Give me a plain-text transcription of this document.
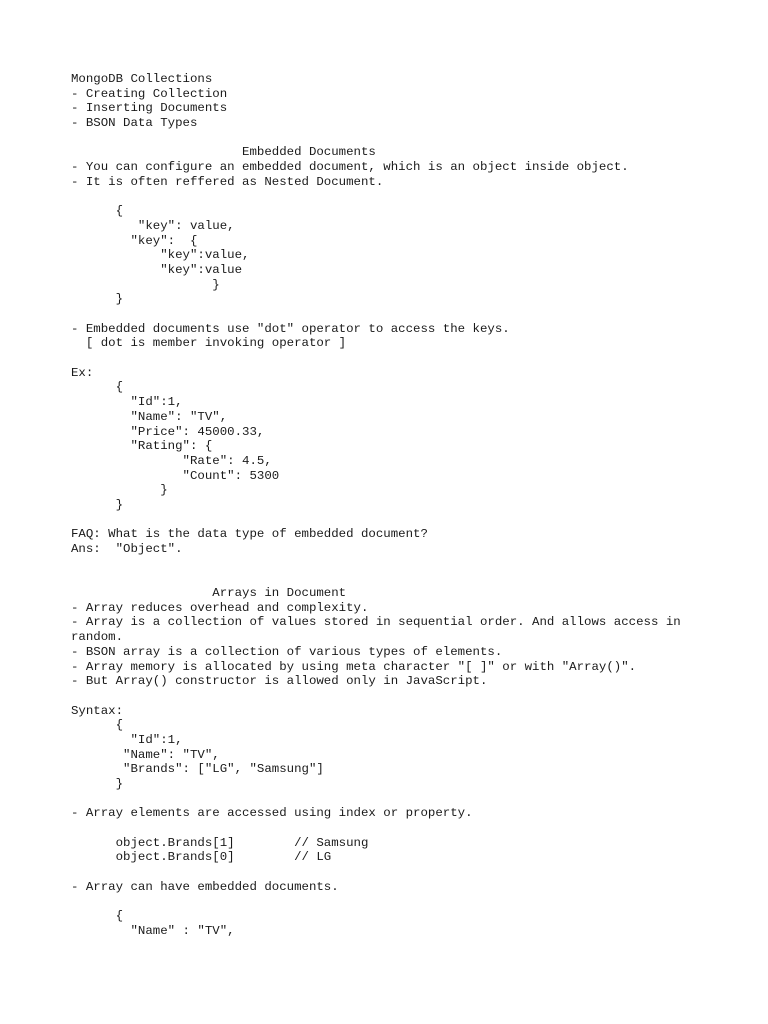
MongoDB Collections

- Creating Collection

- Inserting Documents

- BSON Data Types

Embedded Documents

- You can configure an embedded document, which is an object inside object.

- It is often reffered as Nested Document.

{

"key": value,

"key":  {

"key":value,

"key":value

}

}

- Embedded documents use "dot" operator to access the keys.

[ dot is member invoking operator ]

Ex:

{

"Id":1,

"Name": "TV",

"Price": 45000.33,

"Rating": {

"Rate": 4.5,

"Count": 5300

}

}

FAQ: What is the data type of embedded document?

Ans:  "Object".

Arrays in Document

- Array reduces overhead and complexity.

- Array is a collection of values stored in sequential order. And allows access in

random.

- BSON array is a collection of various types of elements.

- Array memory is allocated by using meta character "[ ]" or with "Array()".

- But Array() constructor is allowed only in JavaScript.

Syntax:

{

"Id":1,

"Name": "TV",

"Brands": ["LG", "Samsung"]

}

- Array elements are accessed using index or property.

object.Brands[1]        // Samsung

object.Brands[0]        // LG

- Array can have embedded documents.

{

"Name" : "TV",
